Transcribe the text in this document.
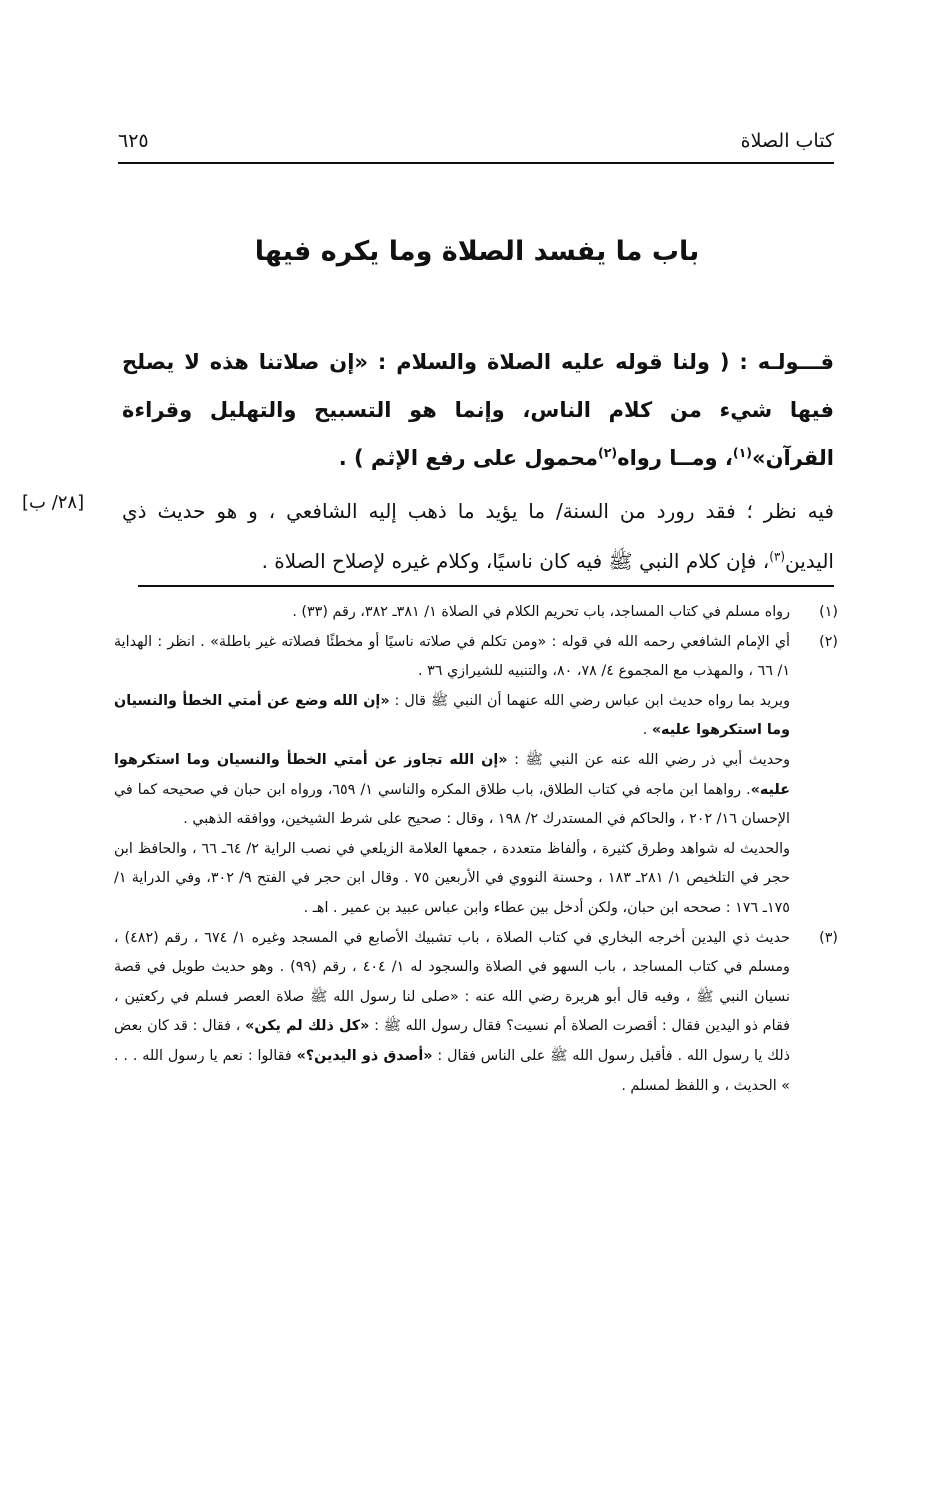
كتاب الصلاة
٦٢٥
باب ما يفسد الصلاة وما يكره فيها
قـــولـه : ( ولنا قوله عليه الصلاة والسلام : «إن صلاتنا هذه لا يصلح فيها شيء من كلام الناس، وإنما هو التسبيح والتهليل وقراءة القرآن»$^{(١)}$، ومــا رواه$^{(٢)}$محمول على رفع الإثم ) .
فيه نظر ؛ فقد رورد من السنة/ ما يؤيد ما ذهب إليه الشافعي ، و هو حديث ذي اليدين$^{(٣)}$، فإن كلام النبي ﷺ فيه كان ناسيًا، وكلام غيره لإصلاح الصلاة .
[٢٨/ ب]
(١)

رواه مسلم في كتاب المساجد، باب تحريم الكلام في الصلاة ١/ ٣٨١ـ ٣٨٢، رقم (٣٣) .

(٢)

أي الإمام الشافعي رحمه الله في قوله : «ومن تكلم في صلاته ناسيًا أو مخطئًا فصلاته غير باطلة» . انظر : الهداية ١/ ٦٦ ، والمهذب مع المجموع ٤/ ٧٨، ٨٠، والتنبيه للشيرازي ٣٦ .

ويريد بما رواه حديث ابن عباس رضي الله عنهما أن النبي ﷺ قال : «إن الله وضع عن أمتي الخطأ والنسيان وما استكرهوا عليه» .

وحديث أبي ذر رضي الله عنه عن النبي ﷺ : «إن الله تجاوز عن أمتي الخطأ والنسيان وما استكرهوا عليه». رواهما ابن ماجه في كتاب الطلاق، باب طلاق المكره والناسي ١/ ٦٥٩، ورواه ابن حبان في صحيحه كما في الإحسان ١٦/ ٢٠٢ ، والحاكم في المستدرك ٢/ ١٩٨ ، وقال : صحيح على شرط الشيخين، ووافقه الذهبي .

والحديث له شواهد وطرق كثيرة ، وألفاظ متعددة ، جمعها العلامة الزيلعي في نصب الراية ٢/ ٦٤ـ ٦٦ ، والحافظ ابن حجر في التلخيص ١/ ٢٨١ـ ١٨٣ ، وحسنة النووي في الأربعين ٧٥ . وقال ابن حجر في الفتح ٩/ ٣٠٢، وفي الدراية ١/ ١٧٥ـ ١٧٦ : صححه ابن حبان، ولكن أدخل بين عطاء وابن عباس عبيد بن عمير . اهـ .

(٣)

حديث ذي اليدين أخرجه البخاري في كتاب الصلاة ، باب تشبيك الأصابع في المسجد وغيره ١/ ٦٧٤ ، رقم (٤٨٢) ، ومسلم في كتاب المساجد ، باب السهو في الصلاة والسجود له ١/ ٤٠٤ ، رقم (٩٩) . وهو حديث طويل في قصة نسيان النبي ﷺ ، وفيه قال أبو هريرة رضي الله عنه : «صلى لنا رسول الله ﷺ صلاة العصر فسلم في ركعتين ، فقام ذو اليدين فقال : أقصرت الصلاة أم نسيت؟ فقال رسول الله ﷺ : «كل ذلك لم يكن» ، فقال : قد كان بعض ذلك يا رسول الله . فأقبل رسول الله ﷺ على الناس فقال : «أصدق ذو اليدين؟» فقالوا : نعم يا رسول الله . . . » الحديث ، و اللفظ لمسلم .
